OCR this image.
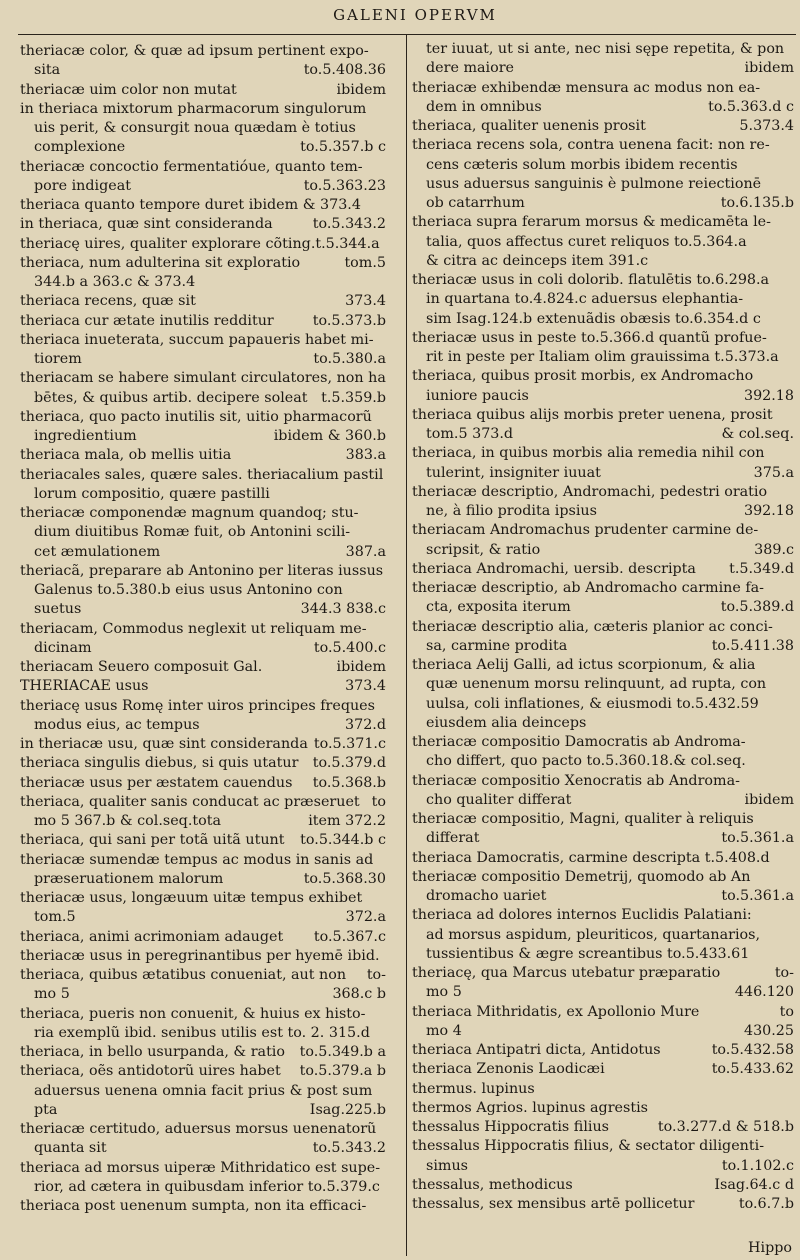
GALENI OPERVM
theriacæ color, & quæ ad ipsum pertinent expo-
sita	to.5.408.36
theriacæ uim color non mutat	ibidem
in theriaca mixtorum pharmacorum singulorum
uis perit, & consurgit noua quædam è totius
complexione	to.5.357.b c
theriacæ concoctio fermentatióue, quanto tem-
pore indigeat	to.5.363.23
theriaca quanto tempore duret ibidem & 373.4
in theriaca, quæ sint consideranda	to.5.343.2
theriacę uires, qualiter explorare cõting.t.5.344.a
theriaca, num adulterina sit exploratio	tom.5
344.b a 363.c & 373.4
theriaca recens, quæ sit	373.4
theriaca cur ætate inutilis redditur	to.5.373.b
theriaca inueterata, succum papaueris habet mi-
tiorem	to.5.380.a
theriacam se habere simulant circulatores, non ha
bētes, & quibus artib. decipere soleat t.5.359.b
theriaca, quo pacto inutilis sit, uitio pharmacorũ
ingredientium	ibidem & 360.b
theriaca mala, ob mellis uitia	383.a
theriacales sales, quære sales. theriacalium pastil
lorum compositio, quære pastilli
theriacæ componendæ magnum quandoq; stu-
dium diuitibus Romæ fuit, ob Antonini scili-
cet æmulationem	387.a
theriacã, preparare ab Antonino per literas iussus
Galenus to.5.380.b eius usus Antonino con
suetus	344.3 838.c
theriacam, Commodus neglexit ut reliquam me-
dicinam	to.5.400.c
theriacam Seuero composuit Gal.	ibidem
THERIACAE usus	373.4
theriacę usus Romę inter uiros principes freques
modus eius, ac tempus	372.d
in theriacæ usu, quæ sint consideranda to.5.371.c
theriaca singulis diebus, si quis utatur to.5.379.d
theriacæ usus per æstatem cauendus to.5.368.b
theriaca, qualiter sanis conducat ac præseruet to
mo 5 367.b & col.seq.tota	item 372.2
theriaca, qui sani per totã uitã utunt to.5.344.b c
theriacæ sumendæ tempus ac modus in sanis ad
præseruationem malorum	to.5.368.30
theriacæ usus, longæuum uitæ tempus exhibet
tom.5	372.a
theriaca, animi acrimoniam adauget to.5.367.c
theriacæ usus in peregrinantibus per hyemē ibid.
theriaca, quibus ætatibus conueniat, aut non to-
mo 5	368.c b
theriaca, pueris non conuenit, & huius ex histo-
ria exemplũ ibid. senibus utilis est to. 2. 315.d
theriaca, in bello usurpanda, & ratio to.5.349.b a
theriaca, oẽs antidotorũ uires habet to.5.379.a b
aduersus uenena omnia facit prius & post sum
pta	Isag.225.b
theriacæ certitudo, aduersus morsus uenenatorũ
quanta sit	to.5.343.2
theriaca ad morsus uiperæ Mithridatico est supe-
rior, ad cætera in quibusdam inferior to.5.379.c
theriaca post uenenum sumpta, non ita efficaci-
ter iuuat, ut si ante, nec nisi sępe repetita, & pon
dere maiore	ibidem
theriacæ exhibendæ mensura ac modus non ea-
dem in omnibus	to.5.363.d c
theriaca, qualiter uenenis prosit	5.373.4
theriaca recens sola, contra uenena facit: non re-
cens cæteris solum morbis ibidem recentis
usus aduersus sanguinis è pulmone reiectionē
ob catarrhum	to.6.135.b
theriaca supra ferarum morsus & medicamēta le-
talia, quos affectus curet reliquos to.5.364.a
& citra ac deinceps item 391.c
theriacæ usus in coli dolorib. flatulētis to.6.298.a
in quartana to.4.824.c aduersus elephantia-
sim Isag.124.b extenuãdis obæsis to.6.354.d c
theriacæ usus in peste to.5.366.d quantũ profue-
rit in peste per Italiam olim grauissima t.5.373.a
theriaca, quibus prosit morbis, ex Andromacho
iuniore paucis	392.18
theriaca quibus alijs morbis preter uenena, prosit
tom.5 373.d	& col.seq.
theriaca, in quibus morbis alia remedia nihil con
tulerint, insigniter iuuat	375.a
theriacæ descriptio, Andromachi, pedestri oratio
ne, à filio prodita ipsius	392.18
theriacam Andromachus prudenter carmine de-
scripsit, & ratio	389.c
theriaca Andromachi, uersib. descripta t.5.349.d
theriacæ descriptio, ab Andromacho carmine fa-
cta, exposita iterum	to.5.389.d
theriacæ descriptio alia, cæteris planior ac conci-
sa, carmine prodita	to.5.411.38
theriaca Aelij Galli, ad ictus scorpionum, & alia
quæ uenenum morsu relinquunt, ad rupta, con
uulsa, coli inflationes, & eiusmodi to.5.432.59
eiusdem alia deinceps
theriacæ compositio Damocratis ab Androma-
cho differt, quo pacto to.5.360.18.& col.seq.
theriacæ compositio Xenocratis ab Androma-
cho qualiter differat	ibidem
theriacæ compositio, Magni, qualiter à reliquis
differat	to.5.361.a
theriaca Damocratis, carmine descripta t.5.408.d
theriacæ compositio Demetrij, quomodo ab An
dromacho uariet	to.5.361.a
theriaca ad dolores internos Euclidis Palatiani:
ad morsus aspidum, pleuriticos, quartanarios,
tussientibus & ægre screantibus to.5.433.61
theriacę, qua Marcus utebatur præparatio	to-
mo 5	446.120
theriaca Mithridatis, ex Apollonio Mure	to
mo 4	430.25
theriaca Antipatri dicta, Antidotus	to.5.432.58
theriaca Zenonis Laodicæi	to.5.433.62
thermus. lupinus
thermos Agrios. lupinus agrestis
thessalus Hippocratis filius	to.3.277.d & 518.b
thessalus Hippocratis filius, & sectator diligenti-
simus	to.1.102.c
thessalus, methodicus	Isag.64.c d
thessalus, sex mensibus artē pollicetur	to.6.7.b
Hippo
